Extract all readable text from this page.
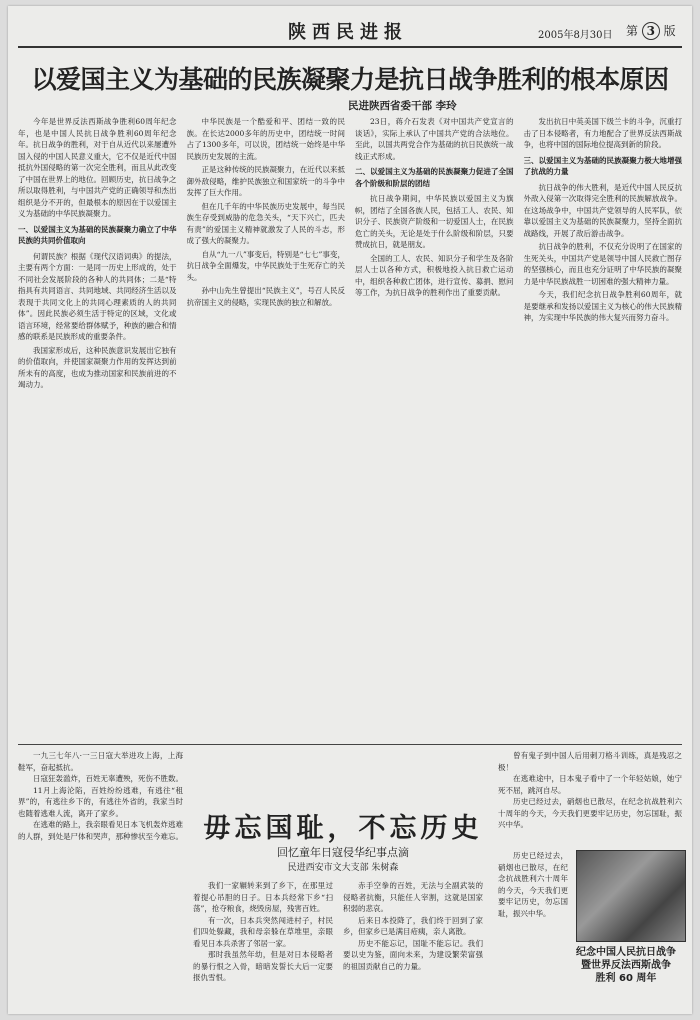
陕西民进报	2005年8月30日 第 3 版
以爱国主义为基础的民族凝聚力是抗日战争胜利的根本原因
民进陕西省委干部 李玲

今年是世界反法西斯战争胜利60周年纪念年，也是中国人民抗日战争胜利60周年纪念年。抗日战争的胜利，对于自从近代以来屡遭外国入侵的中国人民意义重大，它不仅是近代中国抵抗外国侵略的第一次完全胜利，而且从此改变了中国在世界上的地位。回顾历史，抗日战争之所以取得胜利，与中国共产党的正确领导和杰出组织是分不开的，但最根本的原因在于以爱国主义为基础的中华民族凝聚力。

一、以爱国主义为基础的民族凝聚力确立了中华民族的共同价值取向

何谓民族？根据《现代汉语词典》的提法，主要有两个方面：一是同一历史上形成的，处于不同社会发展阶段的各种人的共同体；二是“特指具有共同语言、共同地域、共同经济生活以及表现于共同文化上的共同心理素质的人的共同体”。因此民族必须生活于特定的区域，文化或语言环境，经常要给群体赋予，种族的融合和情感的联系是民族形成的重要条件。

我国家形成后，这种民族意识发展出它独有的价值取向，并使国家凝聚力作用的发挥达到前所未有的高度，也成为推动国家和民族前进的不竭动力。

中华民族是一个酷爱和平、团结一致的民族。在长达2000多年的历史中，团结统一时间占了1300多年，可以说，团结统一始终是中华民族历史发展的主流。

正是这种传统的民族凝聚力，在近代以来抵御外敌侵略，维护民族独立和国家统一的斗争中发挥了巨大作用。

但在几千年的中华民族历史发展中，每当民族生存受到威胁的危急关头，“天下兴亡，匹夫有责”的爱国主义精神就激发了人民的斗志，形成了强大的凝聚力。

自从“九一八”事变后，特别是“七七”事变，抗日战争全面爆发，中华民族处于生死存亡的关头。

孙中山先生曾提出“民族主义”，号召人民反抗帝国主义的侵略，实现民族的独立和解放。

23日，蒋介石发表《对中国共产党宣言的谈话》，实际上承认了中国共产党的合法地位。至此，以国共两党合作为基础的抗日民族统一战线正式形成。

二、以爱国主义为基础的民族凝聚力促进了全国各个阶级和阶层的团结

抗日战争期间，中华民族以爱国主义为旗帜，团结了全国各族人民，包括工人、农民、知识分子、民族资产阶级和一切爱国人士，在民族危亡的关头，无论是处于什么阶级和阶层，只要赞成抗日，就是朋友。

全国的工人、农民、知识分子和学生及各阶层人士以各种方式，积极地投入抗日救亡运动中，组织各种救亡团体，进行宣传、募捐、慰问等工作，为抗日战争的胜利作出了重要贡献。

发出抗日中英美国下级兰卡的斗争，沉重打击了日本侵略者，有力地配合了世界反法西斯战争，也将中国的国际地位提高到新的阶段。

三、以爱国主义为基础的民族凝聚力极大地增强了抗战的力量

抗日战争的伟大胜利，是近代中国人民反抗外敌入侵第一次取得完全胜利的民族解放战争。在这场战争中，中国共产党领导的人民军队，依靠以爱国主义为基础的民族凝聚力，坚持全面抗战路线，开展了敌后游击战争。

抗日战争的胜利，不仅充分说明了在国家的生死关头，中国共产党是领导中国人民救亡图存的坚强核心，而且也充分证明了中华民族的凝聚力是中华民族战胜一切困难的强大精神力量。

今天，我们纪念抗日战争胜利60周年，就是要继承和发扬以爱国主义为核心的伟大民族精神，为实现中华民族的伟大复兴而努力奋斗。

一九三七年八·一三日寇大举进攻上海，上海鞋军，奋起抵抗。

日寇狂轰滥炸，百姓无辜遭殃，死伤不胜数。

11月上海沦陷，百姓纷纷逃难，有逃往“租界”的，有逃往乡下的，有逃往外省的，我家当时也随着逃难人流，离开了家乡。

在逃难的路上，我亲眼看见日本飞机轰炸逃难的人群，到处是尸体和哭声，那种惨状至今难忘。 毋忘国耻，不忘历史
回忆童年日寇侵华纪事点滴
民进西安市文大支部 朱树森

我们一家辗转来到了乡下，在那里过着提心吊胆的日子。日本兵经常下乡“扫荡”，抢夺粮食，烧毁房屋，残害百姓。

有一次，日本兵突然闯进村子，村民们四处躲藏，我和母亲躲在草堆里，亲眼看见日本兵杀害了邻居一家。

那时我虽然年幼，但是对日本侵略者的暴行恨之入骨，暗暗发誓长大后一定要报仇雪恨。

赤手空拳的百姓，无法与全副武装的侵略者抗衡，只能任人宰割，这就是国家积弱的悲哀。

后来日本投降了，我们终于回到了家乡，但家乡已是满目疮痍，亲人离散。

历史不能忘记，国耻不能忘记。我们要以史为鉴，面向未来，为建设繁荣富强的祖国贡献自己的力量。

曾有鬼子到中国人后用刺刀格斗训练，真是残忍之极！

在逃难途中，日本鬼子看中了一个年轻姑娘，她宁死不屈，跳河自尽。

历史已经过去，硝烟也已散尽，在纪念抗战胜利六十周年的今天，今天我们更要牢记历史，勿忘国耻，振兴中华。

历史已经过去，硝烟也已散尽，在纪念抗战胜利六十周年的今天，今天我们更要牢记历史，勿忘国耻，振兴中华。

纪念中国人民抗日战争
暨世界反法西斯战争
胜利 60 周年
